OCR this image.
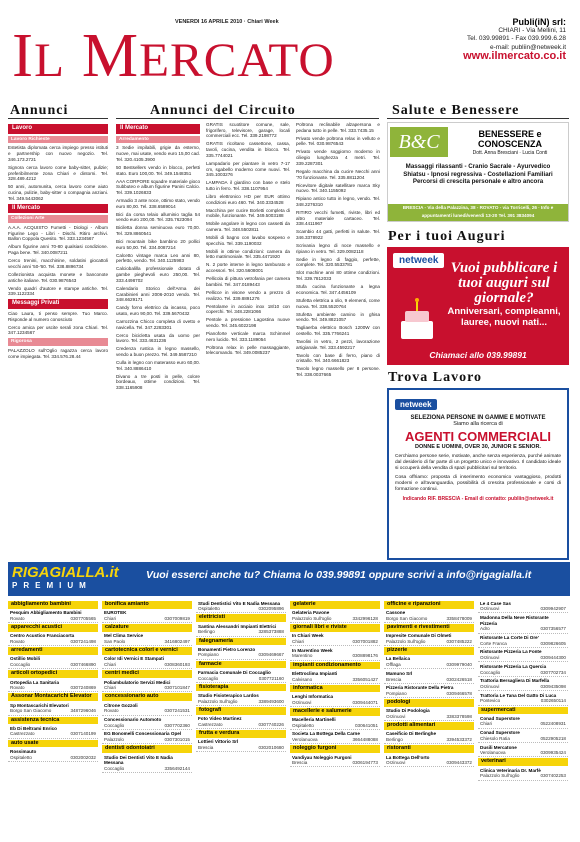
VENERDI 16 APRILE 2010 · Chiari Week
IL MERCATO
Publi(iN) srl:
CHIARI - Via Mellini, 11
Tel. 039.99891 - Fax 039.999.6.28
e-mail: publiin@netweek.it
www.ilmercato.co.it
Annunci	Annunci del Circuito	Salute e Benessere
Lavoro
Lavoro Richieste

Estetista diplomata cerca impiego presso istituti e partnership con nuovo negozio. Tel. 346.173.2721

Signora cerca lavoro come baby-sitter, pulizie; preferibilmente zona Chiari e dintorni. Tel. 328.489.4212

50 anni, automunita, cerca lavoro come aiuto cucina, pulizie, baby-sitter o compagnia anziani. Tel. 349.5443062

Il Mercato
Collezioni Arte

A.A.A. ACQUISTO Fumetti - Diologi - Album Figurine Lego - Libri - Dischi. Ritiro archivi. Ballon Coppola Quesito. Tel. 333.1234567

Album figurine anni 70-80 qualsiasi condizione. Paga bene. Tel. 340.0087211

Cerco trenini, macchinine, soldatini giocattoli vecchi anni '50-'60. Tel. 338.8896734

Collezionista acquista monete e banconote antiche italiane. Tel. 030.9876543

Vendo quadri d'autore e stampe antiche. Tel. 339.1122334

Messaggi Privati

Ciao Laura, ti penso sempre. Tuo Marco. Risponde al numero conosciuto

Cerco amica per uscite serali zona Chiari. Tel. 347.1234567

Rigorosa

PALAZZOLO sull'Oglio ragazza cerca lavoro come impiegata. Tel. 334.576.28.44

Il Mercato
Arredamento

3 Sedie impilabili, grigie da esterno, nuove, mai usate, vendo euro 15,00 cad. Tel. 320.4105.3900

50 Bestsellers vendo in blocco, perfetti stato. Euro 100,00. Tel. 349.1548351

AAA CORPORE squadre materiale gioco Subbuteo e album figurine Panini Calcio. Tel. 339.1026833

Armadio 3 ante noce, ottimo stato, vendo euro 80,00. Tel. 338.6589014

Bici da corsa telaio alluminio taglia 54 vendo euro 200,00. Tel. 335.7623094

Biciletta donna seminuova euro 70,00. Tel. 329.8860541

Bici mountain bike bambino 20 pollici euro 50,00. Tel. 334.0087214

Calcetto vintage marca Leo anni 80, perfetto, vendo. Tel. 340.1125983

Calciobalilla professionale dotato di gambe pieghevoli euro 250,00. Tel. 333.4498702

Calendario Storico dell'Arma dei Carabinieri anni 2006-2010 vendo. Tel. 348.6629171

Candy forno elettrico da incasso, poco usato, euro 90,00. Tel. 339.5670432

Carrozzina Chicco completa di ovetto e navicella. Tel. 347.2283301

Cerco bicicletta usata da uomo per lavoro. Tel. 333.4631236

Credenza rustica in legno massello, vendo a buon prezzo. Tel. 349.5587210

Culla in legno con materasso euro 60,00. Tel. 340.8886410

Divano a tre posti in pelle, colore bordeaux, ottime condizioni. Tel. 338.1165908

GRATIS scuotitore comune, sale, frigorifero, televisore, garage, locali commerciali ecc. Tel. 339.2198772

GRATIS ricoltano cassettone, cassa, tavoli, cucina, vendita in blocco. Tel. 335.7744021

Lampadario per piantare in vetro 7-17 cm, sgabello moderno come nuovi. Tel. 345.1003276

LAMPADA il giardino con base e stelo tutto in ferro. Tel. 338.1107954

Libro elettronico HD per EUR ottimo condizioni euro 460. Tel. 340.3334528

Macchina per cucire Borletti completa di mobile, funzionante. Tel. 349.5003188

Mobile angolare in legno con cassetti da camera. Tel. 348.5502811

Mobili di bagno con lavabo sospeso e specchio. Tel. 339.1190032

Mobili in ottime condizioni: camera da letto matrimoniale. Tel. 335.4471920

N. 2 porte interne in legno tamburato e accessori. Tel. 320.5608001

Pellicola di pittura vetrofania per camera bambini. Tel. 347.0189443

Pellicce in visone vendo a prezzo di realizzo. Tel. 339.8891276

Pentolame in acciaio inox 18/10 con coperchi. Tel. 348.2281066

Pentole a pressione Lagostina nuove vendo. Tel. 345.6022198

Pianoforte verticale marca Schimmel nero lucido. Tel. 333.1189054

Poltrona relax in pelle massaggiante, telecomando. Tel. 349.0085237

Poltrona reclinabile alzapersona e pedana tutto in pelle. Tel. 333.7435.15

Privato vende poltrona relax in velluto e pelle. Tel. 030.9876543

Privato vende soggiorno moderno in ciliegio lunghezza 4 metri. Tel. 339.2287301

Regalo macchina da cucire Necchi anni '70 funzionante. Tel. 335.8811204

Ricevitore digitale satellitare marca Sky nuovo. Tel. 340.1155092

Ripiano antico tutto in legno, vendo. Tel. 348.2276310

RITIRO vecchi fumetti, riviste, libri ed altro materiale cartaceo. Tel. 338.4411967

Scambio 44 gatti, perfetti in salute. Tel. 346.3378922

Scrivania legno di noce massello e ripiano in vetro. Tel. 329.0082118

Sedie in legno di faggio, perfette, complete. Tel. 320.5533781

Slot machine anni 80 ottime condizioni. Tel. 339.7812033

Stufa cucina funzionante a legna economica. Tel. 347.4456109

Stufetta elettrica a olio, 9 elementi, come nuova. Tel. 338.5520764

Stufetta ambiente camino in ghisa vendo. Tel. 349.8821057

Tagliaerba elettrico Bosch 1200W con cestello. Tel. 335.7766241

Tavolini in vetro, 2 pezzi, lavorazione artigianale. Tel. 333.4592217

Tavolo con base di ferro, piano di cristallo. Tel. 340.6661823

Tavolo legno massello per 8 persone. Tel. 338.0037665

B&C	BENESSERE e CONOSCENZA
Dott. Anna Bresciani · Lucia Conti
Massaggi rilassanti - Cranio Sacrale - Ayurvedico
Shiatsu - Ipnosi regressiva - Costellazioni Familiari
Percorsi di crescita personale e altro ancora
BRESCIA - Via della Palazzina, 38 - ROVATO - via Torricelli, 26 · Info e appuntamenti lunedì/venerdì 13-20 Tel. 391 3834094
Per i tuoi Auguri
netweek Vuoi pubblicare i tuoi auguri sul giornale?
Anniversari, compleanni, lauree, nuovi nati...
Chiamaci allo 039.99891
Trova Lavoro
netweek
SELEZIONA PERSONE IN GAMME E MOTIVATE
Siamo alla ricerca di
AGENTI COMMERCIALI
DONNE E UOMINI, OVER 30, JUNIOR E SENIOR.
Cerchiamo persone serie, motivate, anche senza esperienza, purché animate dal desiderio di far parte di un progetto unico e innovativo. Il candidato ideale si occuperà della vendita di spazi pubblicitari sul territorio.
Cosa offriamo: proposta di inserimento economico vantaggioso, prodotti moderni e all'avanguardia, possibilità di crescita professionale e corsi di formazione continui.
Indicando RIF. BRESCIA - Email di contatto: publiin@netweek.it
RIGAGIALLA.it
PREMIUM
Vuoi esserci anche tu? Chiama lo 039.99891 oppure scrivi a info@rigagialla.it
abbigliamento bambini
Pesquim Abbigliamento Bambini
Rovato	0307705565
apparecchi acustici
Centro Acustico Franciacorta
Rovato	0307241498
arredamenti
Ostillio Mobili
Coccaglio	0307466890
articoli ortopedici
Ortopedia La Sanitaria
Rovato	0307240869
Assonar Montacarichi Elevator
Sp Montascarichi Elevatori
Borgo San Giacomo	3487296046
assistenza tecnica
Eb Di Beltrami Enrico
Castrezzato	0307140199
auto usate
Rossimauto
Ospitaletto	0302002032
bonifica amianto
EUROTEK
Chiari	0307009819
calzature
Mel Clima Service
San Paolo	3416802497
cartotecnica colori e vernici
Color Idi Vernici E Stampati
Chiari	0308360193
centri medici
Poliambulatorio Servizi Medici
Chiari	0307101847
concessionario auto
Citrone Gozzoli
Rovato	0307241531
Concessionario Automoto
Coccaglio	0307702360
EG Bonomelli Concessionaria Opel
Palazzolo	0307301015
dentisti odontoiatri
Studio Dei Dentisti Vito E Nadia Messana
Coccaglio	3356492144
Studi Dentistici Vito E Nadia Messana
Ospitaletto	0302095896
elettricisti
Santina Alessandri Impianti Elettrici
Berlingo	3285373888
falegnameria
Bonamenti Pietro Lorenzo
Pompiano	0309469667
farmacie
Farmacia Comunale Di Coccaglio
Coccaglio	0307721160
fisioterapia
Studio Fisioterapico Lardos
Palazzolo Sull'oglio	3389493600
fotografi
Foto Video Martinez
Castrezzato	0307740226
frutta e verdura
Lottieri Vittorio Srl
Brescia	0302010680
gelaterie
Gelateria Pavone
Palazzolo Sull'oglio	3342996128
giornali libri e riviste
In Chiari Week
Chiari	0307001882
In Marentino Week
Marentino	0308898176
impianti condizionamento
Elettroclima Impianti
Calvisano	3356051427
informatica
Lenghi Informatica
Orzinuovi	0309444071
macellerie e salumerie
Macelleria Martinelli
Ospitaletto	030641051
Societa La Bottega Della Carne
Verolanuova	3664488088
noleggio furgoni
Vandiyau Noleggio Furgoni
Brescia	0306194773
officine e riparazioni
Cassone
Borgo San Giacomo	3358478009
pavimenti e rivestimenti
Impresite Comunale Di Olmeti
Palazzolo Sull'oglio	0307485222
pizzerie
La Bellaica
Offlaga	0309979040
Mamuno Srl
Brescia	0302426518
Pizzeria Ristorante Della Pietra
Pompiano	0309466578
podologi
Studio Di Podologia
Orzinuovi	3383378598
prodotti alimentari
Caseificio Di Berlinghe
Berlingo	3394533372
ristoranti
La Bottega Dell'orto
Orzinuovi	0309443372
Le 4 Case Sas
Orzinuovi	0309942907
Madonna Della Neve Ristorante Pizzeria
Adro	0307356577
Ristorante La Corte Di Ore'
Corte Franca	0309826605
Ristorante Pizzeria La Fonte
Orzinuovi	0309444300
Ristorante Pizzeria La Quercia
Coccaglio	0307702734
Trattoria Bersagliera Di Marfella
Orzinuovi	0309435098
Trattoria Le Tana Del Gatto Di Luca
Pontevico	0302650114
supermercati
Conad Superstore
Chiari	0522408931
Conad Superstore
Chiesolo Ratia	0522905218
Dusili Mercatone
Verolanuova	0309935424
veterinari
Clinica Veterinaria Dr. Marfè
Palazzolo Sull'oglio	0307402253
